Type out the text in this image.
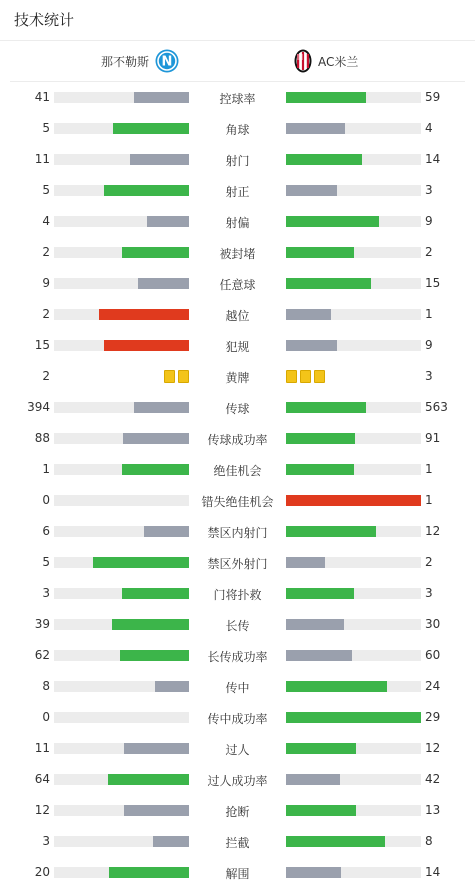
技术统计
那不勒斯 N	AC米兰
41	控球率	59
5	角球	4
11	射门	14
5	射正	3
4	射偏	9
2	被封堵	2
9	任意球	15
2	越位	1
15	犯规	9
2	黄牌	3
394	传球	563
88	传球成功率	91
1	绝佳机会	1
0	错失绝佳机会	1
6	禁区内射门	12
5	禁区外射门	2
3	门将扑救	3
39	长传	30
62	长传成功率	60
8	传中	24
0	传中成功率	29
11	过人	12
64	过人成功率	42
12	抢断	13
3	拦截	8
20	解围	14
